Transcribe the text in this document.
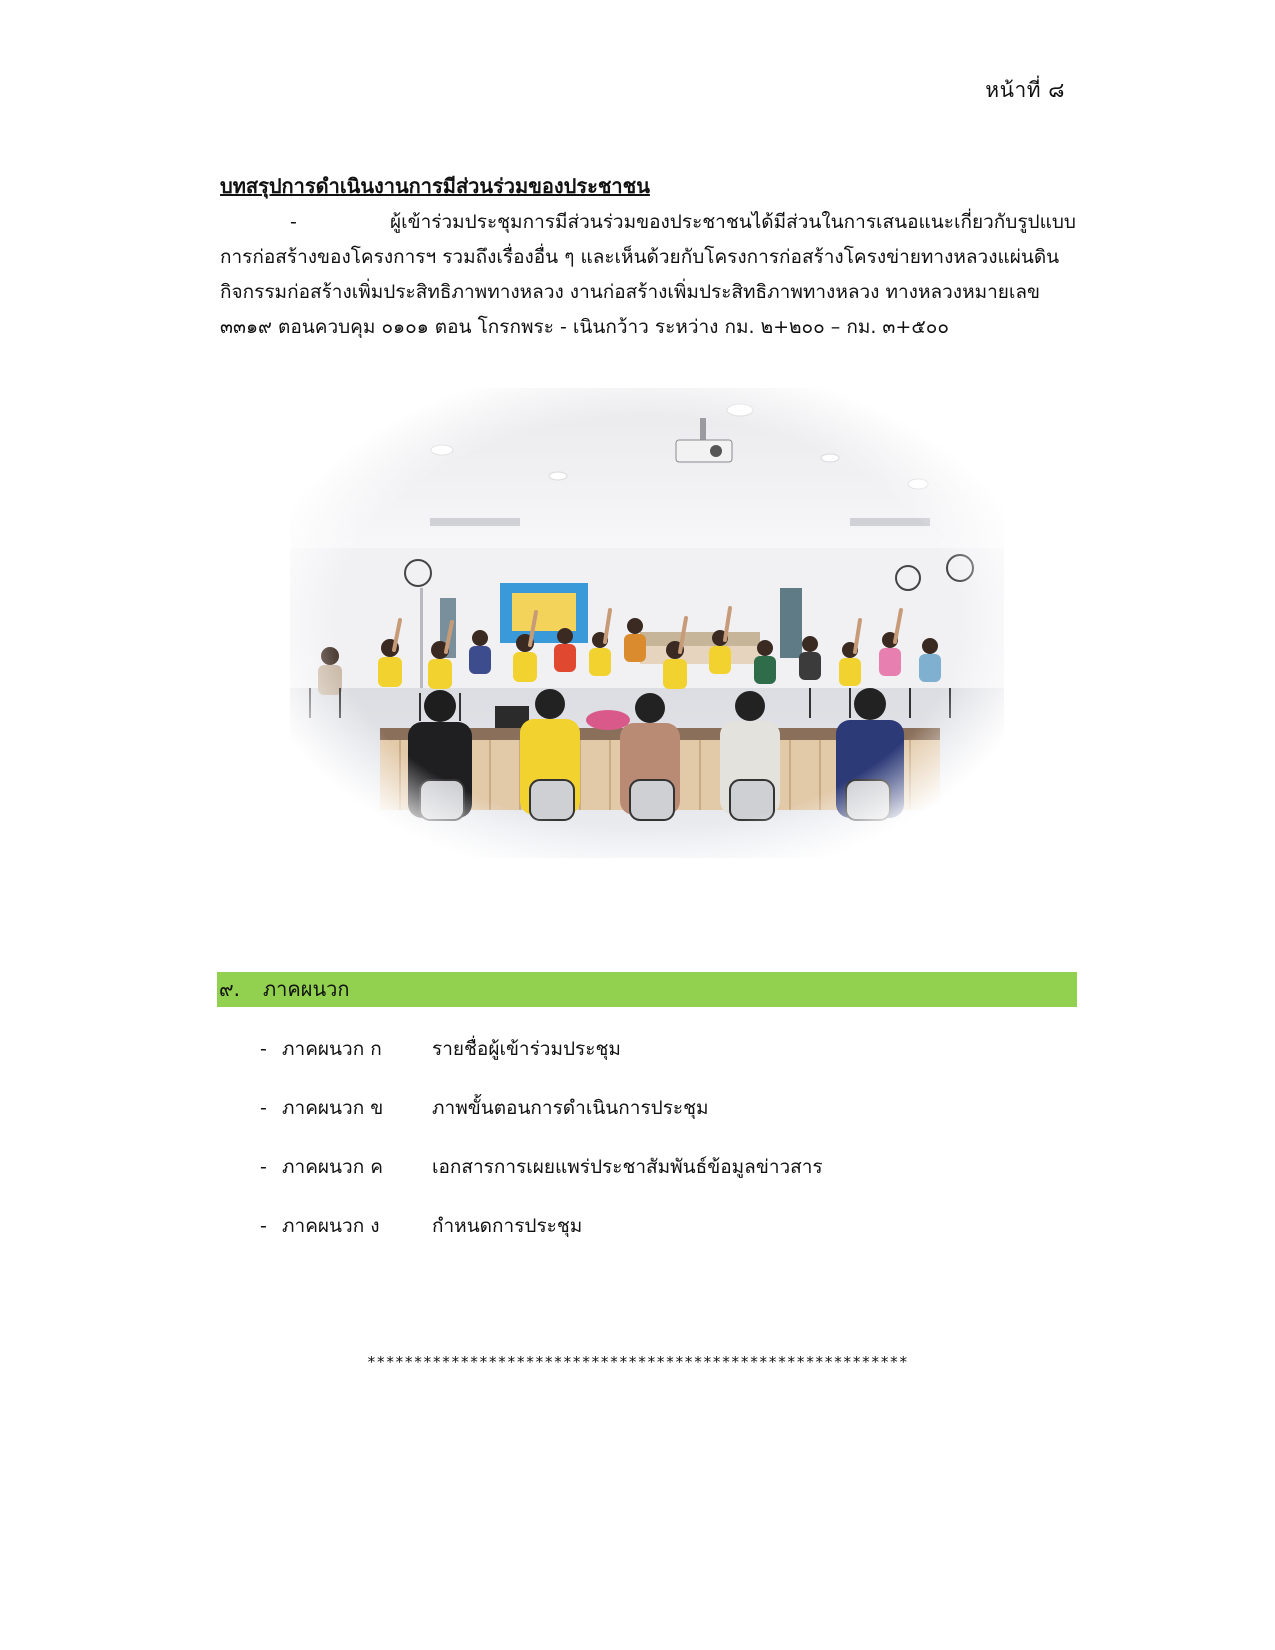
หน้าที่ ๘
บทสรุปการดำเนินงานการมีส่วนร่วมของประชาชน
-	ผู้เข้าร่วมประชุมการมีส่วนร่วมของประชาชนได้มีส่วนในการเสนอแนะเกี่ยวกับรูปแบบ
การก่อสร้างของโครงการฯ รวมถึงเรื่องอื่น ๆ และเห็นด้วยกับโครงการก่อสร้างโครงข่ายทางหลวงแผ่นดิน
กิจกรรมก่อสร้างเพิ่มประสิทธิภาพทางหลวง งานก่อสร้างเพิ่มประสิทธิภาพทางหลวง ทางหลวงหมายเลข
๓๓๑๙ ตอนควบคุม ๐๑๐๑ ตอน โกรกพระ - เนินกว้าว ระหว่าง กม. ๒+๒๐๐ – กม. ๓+๕๐๐
๙. ภาคผนวก
- ภาคผนวก ก	รายชื่อผู้เข้าร่วมประชุม
- ภาคผนวก ข	ภาพขั้นตอนการดำเนินการประชุม
- ภาคผนวก ค	เอกสารการเผยแพร่ประชาสัมพันธ์ข้อมูลข่าวสาร
- ภาคผนวก ง	กำหนดการประชุม
**********************************************************
